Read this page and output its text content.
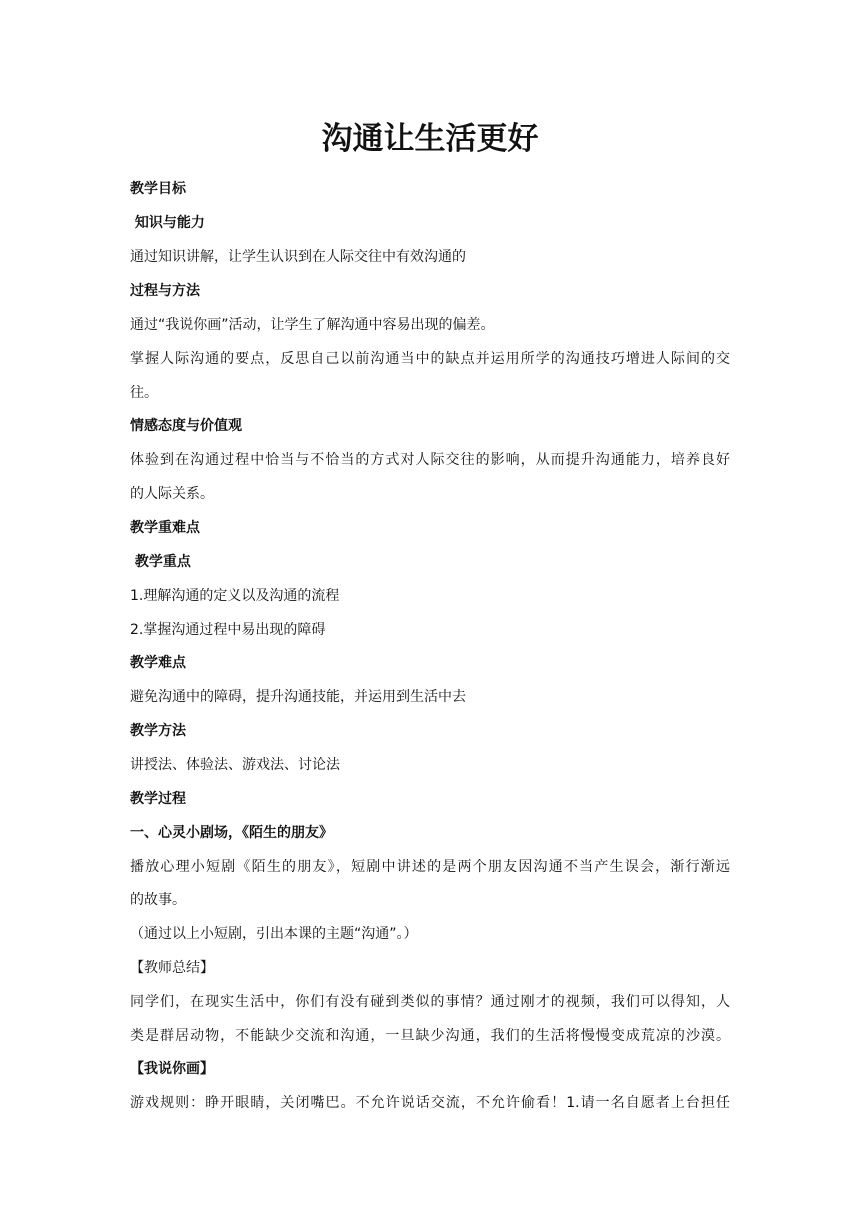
沟通让生活更好
教学目标
知识与能力
通过知识讲解，让学生认识到在人际交往中有效沟通的
过程与方法
通过“我说你画”活动，让学生了解沟通中容易出现的偏差。
掌握人际沟通的要点，反思自己以前沟通当中的缺点并运用所学的沟通技巧增进人际间的交
往。
情感态度与价值观
体验到在沟通过程中恰当与不恰当的方式对人际交往的影响，从而提升沟通能力，培养良好
的人际关系。
教学重难点
教学重点
1.理解沟通的定义以及沟通的流程
2.掌握沟通过程中易出现的障碍
教学难点
避免沟通中的障碍，提升沟通技能，并运用到生活中去
教学方法
讲授法、体验法、游戏法、讨论法
教学过程
一、心灵小剧场，《陌生的朋友》
播放心理小短剧《陌生的朋友》，短剧中讲述的是两个朋友因沟通不当产生误会，渐行渐远
的故事。
（通过以上小短剧，引出本课的主题“沟通”。）
【教师总结】
同学们，在现实生活中，你们有没有碰到类似的事情？通过刚才的视频，我们可以得知，人
类是群居动物，不能缺少交流和沟通，一旦缺少沟通，我们的生活将慢慢变成荒凉的沙漠。
【我说你画】
游戏规则：睁开眼睛，关闭嘴巴。不允许说话交流，不允许偷看！1.请一名自愿者上台担任
